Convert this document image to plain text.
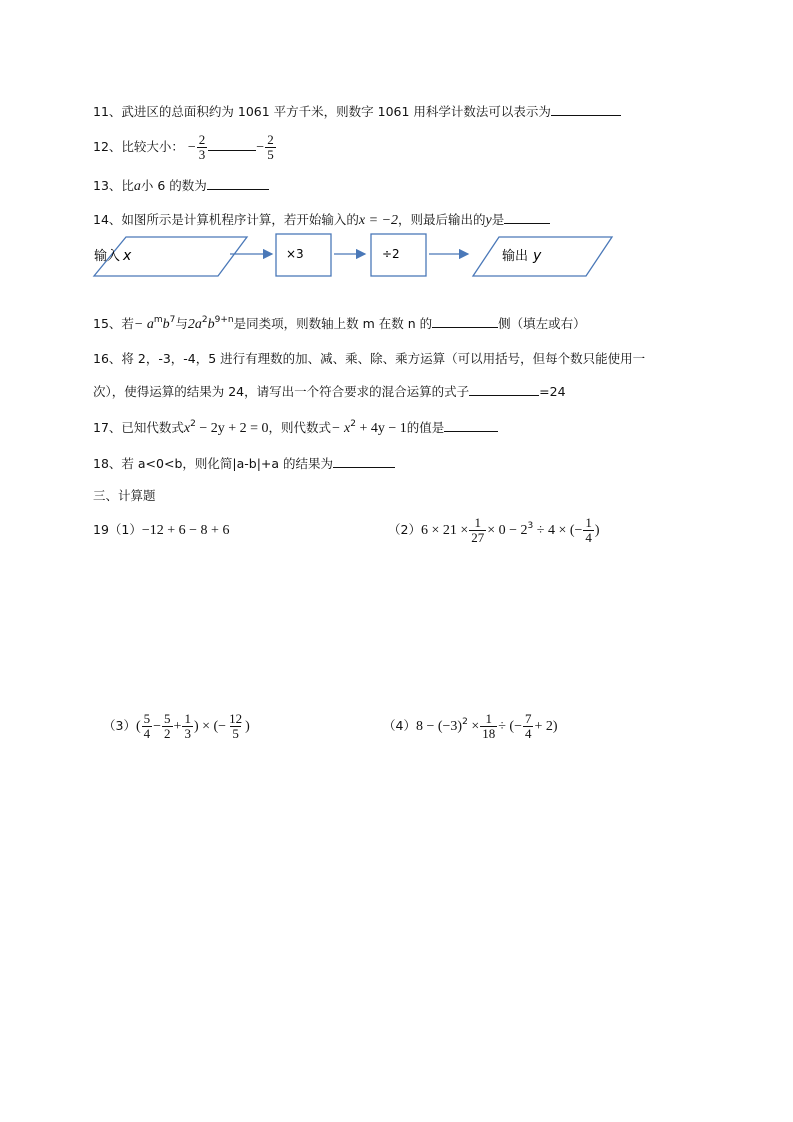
11、武进区的总面积约为 1061 平方千米，则数字 1061 用科学计数法可以表示为
12、比较大小： − $\frac{2}{3}$	− $\frac{2}{5}$
13、比a小 6 的数为
14、如图所示是计算机程序计算，若开始输入的x = −2，则最后输出的y是
输入 x	×3	÷2	输出 y
15、若− $a^mb^7$与$2a^2b^{9+n}$是同类项，则数轴上数 m 在数 n 的	侧（填左或右）
16、将 2，-3，-4，5 进行有理数的加、减、乘、除、乘方运算（可以用括号，但每个数只能使用一
次），使得运算的结果为 24，请写出一个符合要求的混合运算的式子	=24
17、已知代数式$x^2 - 2y + 2 = 0$，则代数式− $x^2 + 4y - 1$的值是
18、若 a<0<b，则化简|a-b|+a 的结果为
三、计算题
19（1）−12 + 6 − 8 + 6	$(2)6 \times 21 \times \frac{1}{27} \times 0 - 2^3 \div 4$ × (− $\frac{1}{4}$ )
$(3)( \frac{5}{4} - \frac{5}{2} + \frac{1}{3}$ ) × (− $\frac{12}{5}$ )	$(4)8 - (-3)^2 \times \frac{1}{18}$ ÷ (− $\frac{7}{4} + 2$)
